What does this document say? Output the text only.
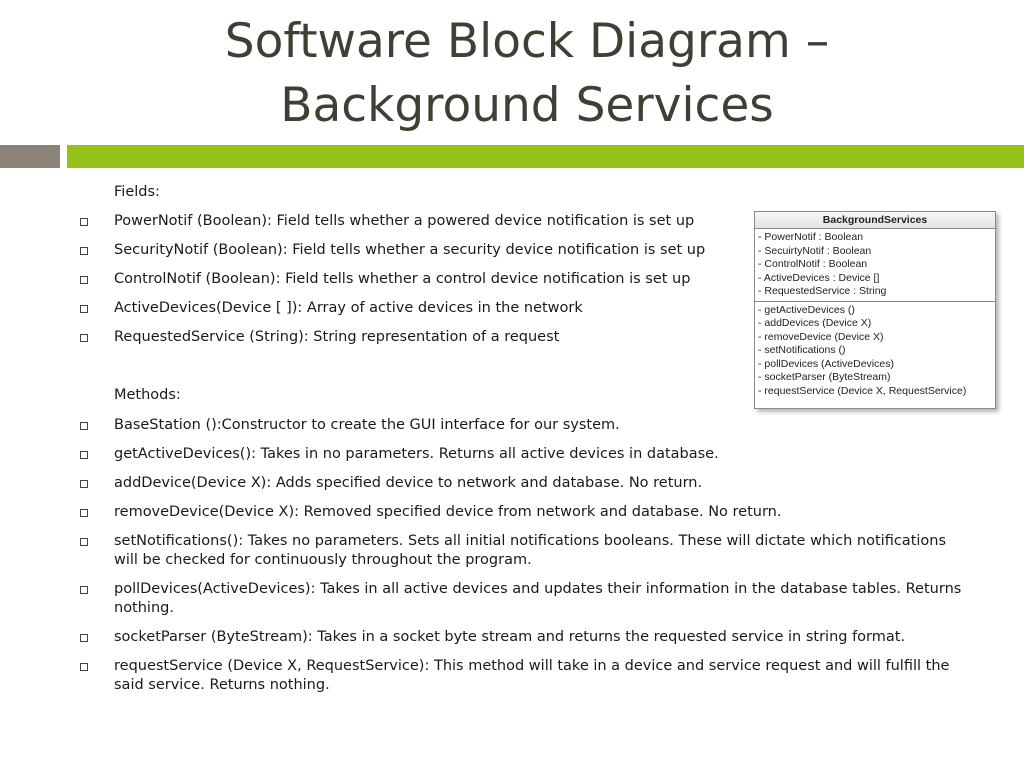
Software Block Diagram –
Background Services
Fields:
PowerNotif (Boolean): Field tells whether a powered device notification is set up
SecurityNotif (Boolean): Field tells whether a security device notification is set up
ControlNotif (Boolean): Field tells whether a control device notification is set up
ActiveDevices(Device [ ]): Array of active devices in the network
RequestedService (String): String representation of a request
Methods:
BaseStation ():Constructor to create the GUI interface for our system.
getActiveDevices(): Takes in no parameters. Returns all active devices in database.
addDevice(Device X): Adds specified device to network and database. No return.
removeDevice(Device X): Removed specified device from network and database. No return.
setNotifications(): Takes no parameters. Sets all initial notifications booleans. These will dictate which notifications will be checked for continuously throughout the program.
pollDevices(ActiveDevices): Takes in all active devices and updates their information in the database tables. Returns nothing.
socketParser (ByteStream): Takes in a socket byte stream and returns the requested service in string format.
requestService (Device X, RequestService): This method will take in a device and service request and will fulfill the said service. Returns nothing.
BackgroundServices
- PowerNotif : Boolean
- SecuirtyNotif : Boolean
- ControlNotif : Boolean
- ActiveDevices : Device []
- RequestedService : String
- getActiveDevices ()
- addDevices (Device X)
- removeDevice (Device X)
- setNotifications ()
- pollDevices (ActiveDevices)
- socketParser (ByteStream)
- requestService (Device X, RequestService)
